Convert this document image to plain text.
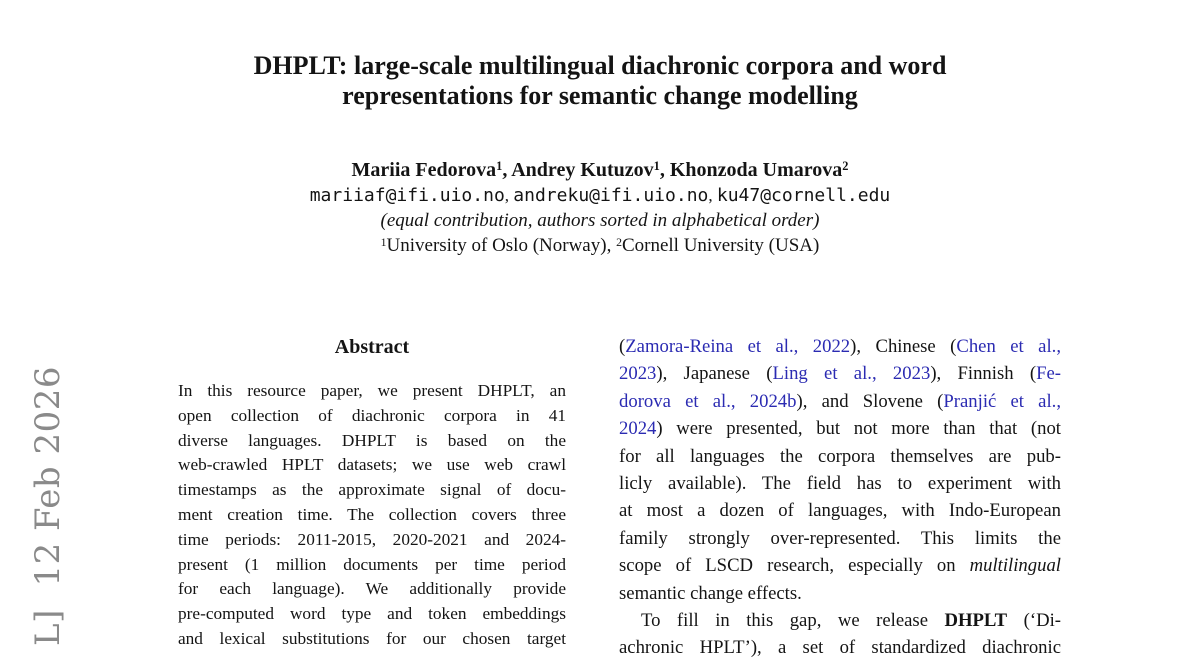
L]  12 Feb 2026
DHPLT: large-scale multilingual diachronic corpora and word
representations for semantic change modelling
Mariia Fedorova$^1$, Andrey Kutuzov$^1$, Khonzoda Umarova$^2$
mariiaf@ifi.uio.no, andreku@ifi.uio.no, ku47@cornell.edu
(equal contribution, authors sorted in alphabetical order)
$^1$University of Oslo (Norway), $^2$Cornell University (USA)
Abstract
In this resource paper, we present DHPLT, an
open collection of diachronic corpora in 41
diverse languages. DHPLT is based on the
web-crawled HPLT datasets; we use web crawl
timestamps as the approximate signal of docu-
ment creation time. The collection covers three
time periods: 2011-2015, 2020-2021 and 2024-
present (1 million documents per time period
for each language). We additionally provide
pre-computed word type and token embeddings
and lexical substitutions for our chosen target
(Zamora-Reina et al., 2022), Chinese (Chen et al.,
2023), Japanese (Ling et al., 2023), Finnish (Fe-
dorova et al., 2024b), and Slovene (Pranjić et al.,
2024) were presented, but not more than that (not
for all languages the corpora themselves are pub-
licly available). The field has to experiment with
at most a dozen of languages, with Indo-European
family strongly over-represented. This limits the
scope of LSCD research, especially on multilingual
semantic change effects.
To fill in this gap, we release DHPLT (‘Di-
achronic HPLT’), a set of standardized diachronic
